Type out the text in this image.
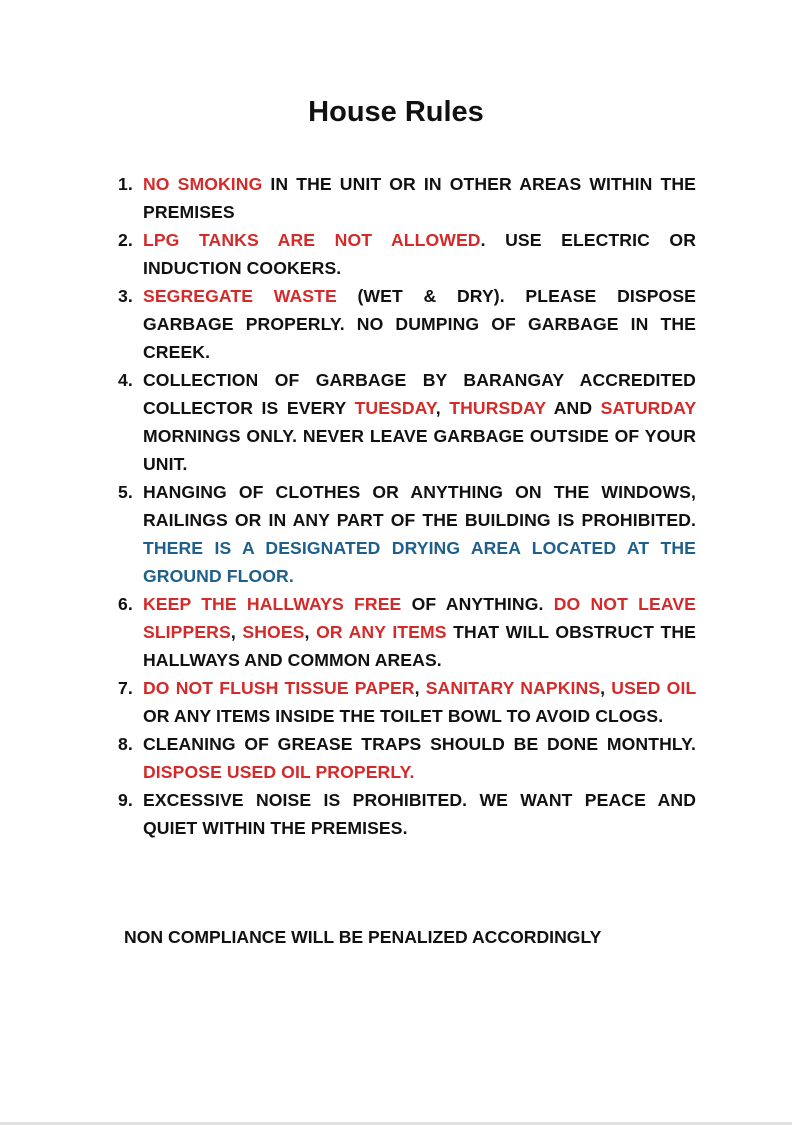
House Rules
1. NO SMOKING IN THE UNIT OR IN OTHER AREAS WITHIN THE PREMISES
2. LPG TANKS ARE NOT ALLOWED. USE ELECTRIC OR INDUCTION COOKERS.
3. SEGREGATE WASTE (WET & DRY). PLEASE DISPOSE GARBAGE PROPERLY. NO DUMPING OF GARBAGE IN THE CREEK.
4. COLLECTION OF GARBAGE BY BARANGAY ACCREDITED COLLECTOR IS EVERY TUESDAY, THURSDAY AND SATURDAY MORNINGS ONLY. NEVER LEAVE GARBAGE OUTSIDE OF YOUR UNIT.
5. HANGING OF CLOTHES OR ANYTHING ON THE WINDOWS, RAILINGS OR IN ANY PART OF THE BUILDING IS PROHIBITED. THERE IS A DESIGNATED DRYING AREA LOCATED AT THE GROUND FLOOR.
6. KEEP THE HALLWAYS FREE OF ANYTHING. DO NOT LEAVE SLIPPERS, SHOES, OR ANY ITEMS THAT WILL OBSTRUCT THE HALLWAYS AND COMMON AREAS.
7. DO NOT FLUSH TISSUE PAPER, SANITARY NAPKINS, USED OIL OR ANY ITEMS INSIDE THE TOILET BOWL TO AVOID CLOGS.
8. CLEANING OF GREASE TRAPS SHOULD BE DONE MONTHLY. DISPOSE USED OIL PROPERLY.
9. EXCESSIVE NOISE IS PROHIBITED. WE WANT PEACE AND QUIET WITHIN THE PREMISES.
NON COMPLIANCE WILL BE PENALIZED ACCORDINGLY
